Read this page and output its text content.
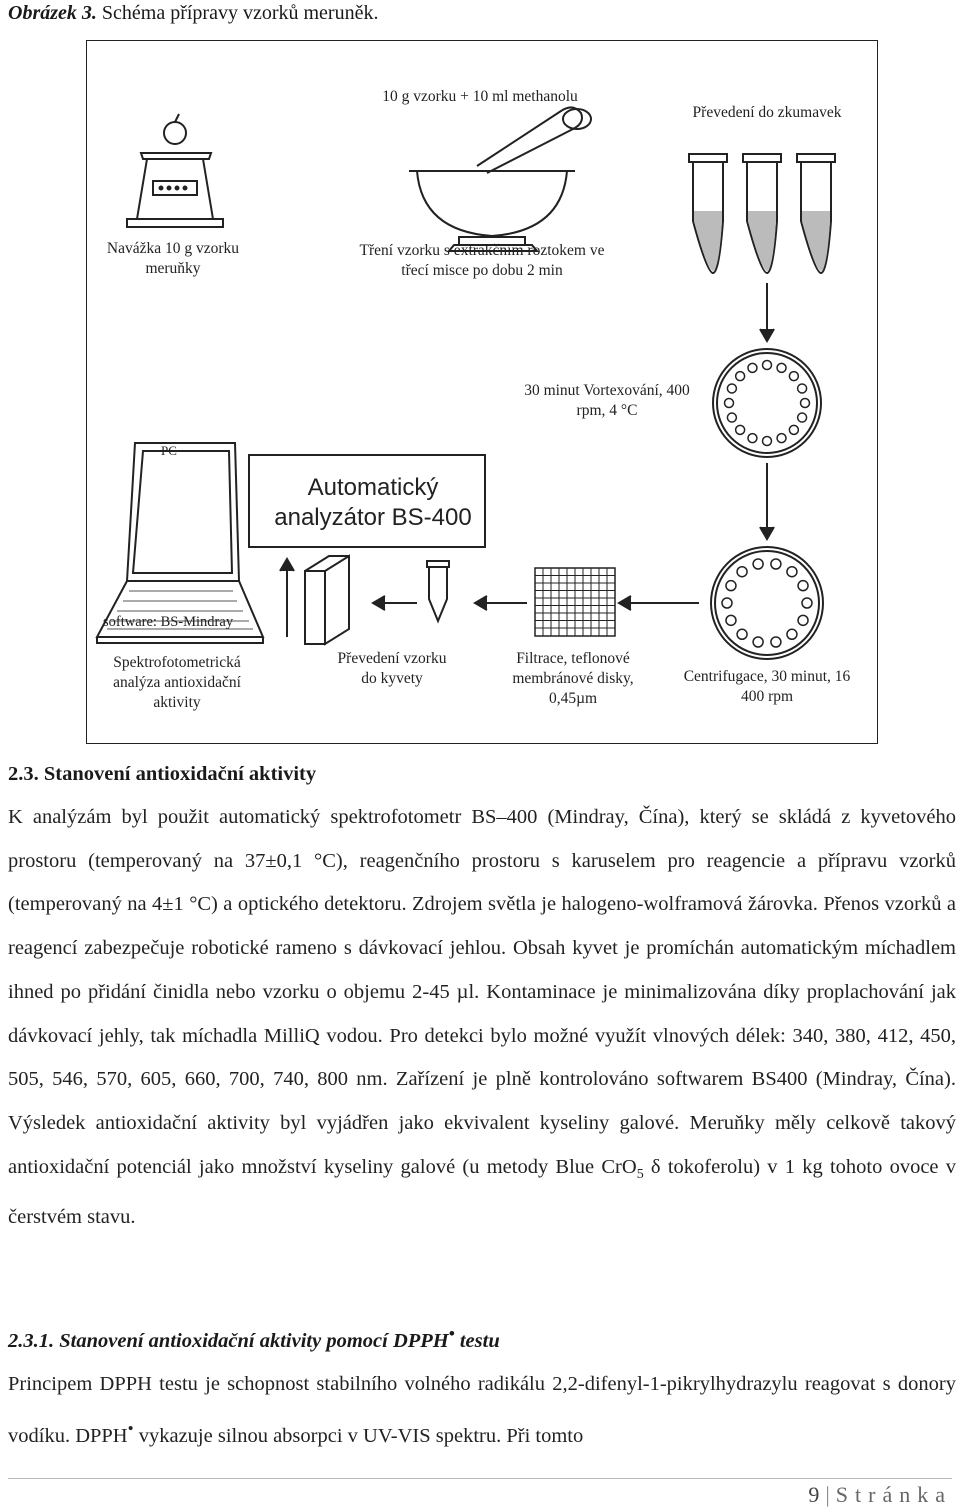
Obrázek 3. Schéma přípravy vzorků meruněk.
10 g vzorku + 10 ml methanolu
Převedení do zkumavek
Navážka 10 g vzorku meruňky
Tření vzorku s extrakčním roztokem ve třecí misce po dobu 2 min
30 minut Vortexování, 400 rpm, 4 °C
PC
Automatický analyzátor BS-400
software: BS-Mindray
Spektrofotometrická analýza antioxidační aktivity
Převedení vzorku do kyvety
Filtrace, teflonové membránové disky, 0,45µm
Centrifugace, 30 minut, 16 400 rpm
2.3. Stanovení antioxidační aktivity
K analýzám byl použit automatický spektrofotometr BS–400 (Mindray, Čína), který se skládá z kyvetového prostoru (temperovaný na 37±0,1 °C), reagenčního prostoru s karuselem pro reagencie a přípravu vzorků (temperovaný na 4±1 °C) a optického detektoru. Zdrojem světla je halogeno-wolframová žárovka. Přenos vzorků a reagencí zabezpečuje robotické rameno s dávkovací jehlou. Obsah kyvet je promíchán automatickým míchadlem ihned po přidání činidla nebo vzorku o objemu 2-45 µl. Kontaminace je minimalizována díky proplachování jak dávkovací jehly, tak míchadla MilliQ vodou. Pro detekci bylo možné využít vlnových délek: 340, 380, 412, 450, 505, 546, 570, 605, 660, 700, 740, 800 nm. Zařízení je plně kontrolováno softwarem BS400 (Mindray, Čína). Výsledek antioxidační aktivity byl vyjádřen jako ekvivalent kyseliny galové. Meruňky měly celkově takový antioxidační potenciál jako množství kyseliny galové (u metody Blue CrO$_5$ δ tokoferolu) v 1 kg tohoto ovoce v čerstvém stavu.
2.3.1. Stanovení antioxidační aktivity pomocí DPPH• testu
Principem DPPH testu je schopnost stabilního volného radikálu 2,2-difenyl-1-pikrylhydrazylu reagovat s donory vodíku. DPPH• vykazuje silnou absorpci v UV-VIS spektru. Při tomto
9 | Stránka
